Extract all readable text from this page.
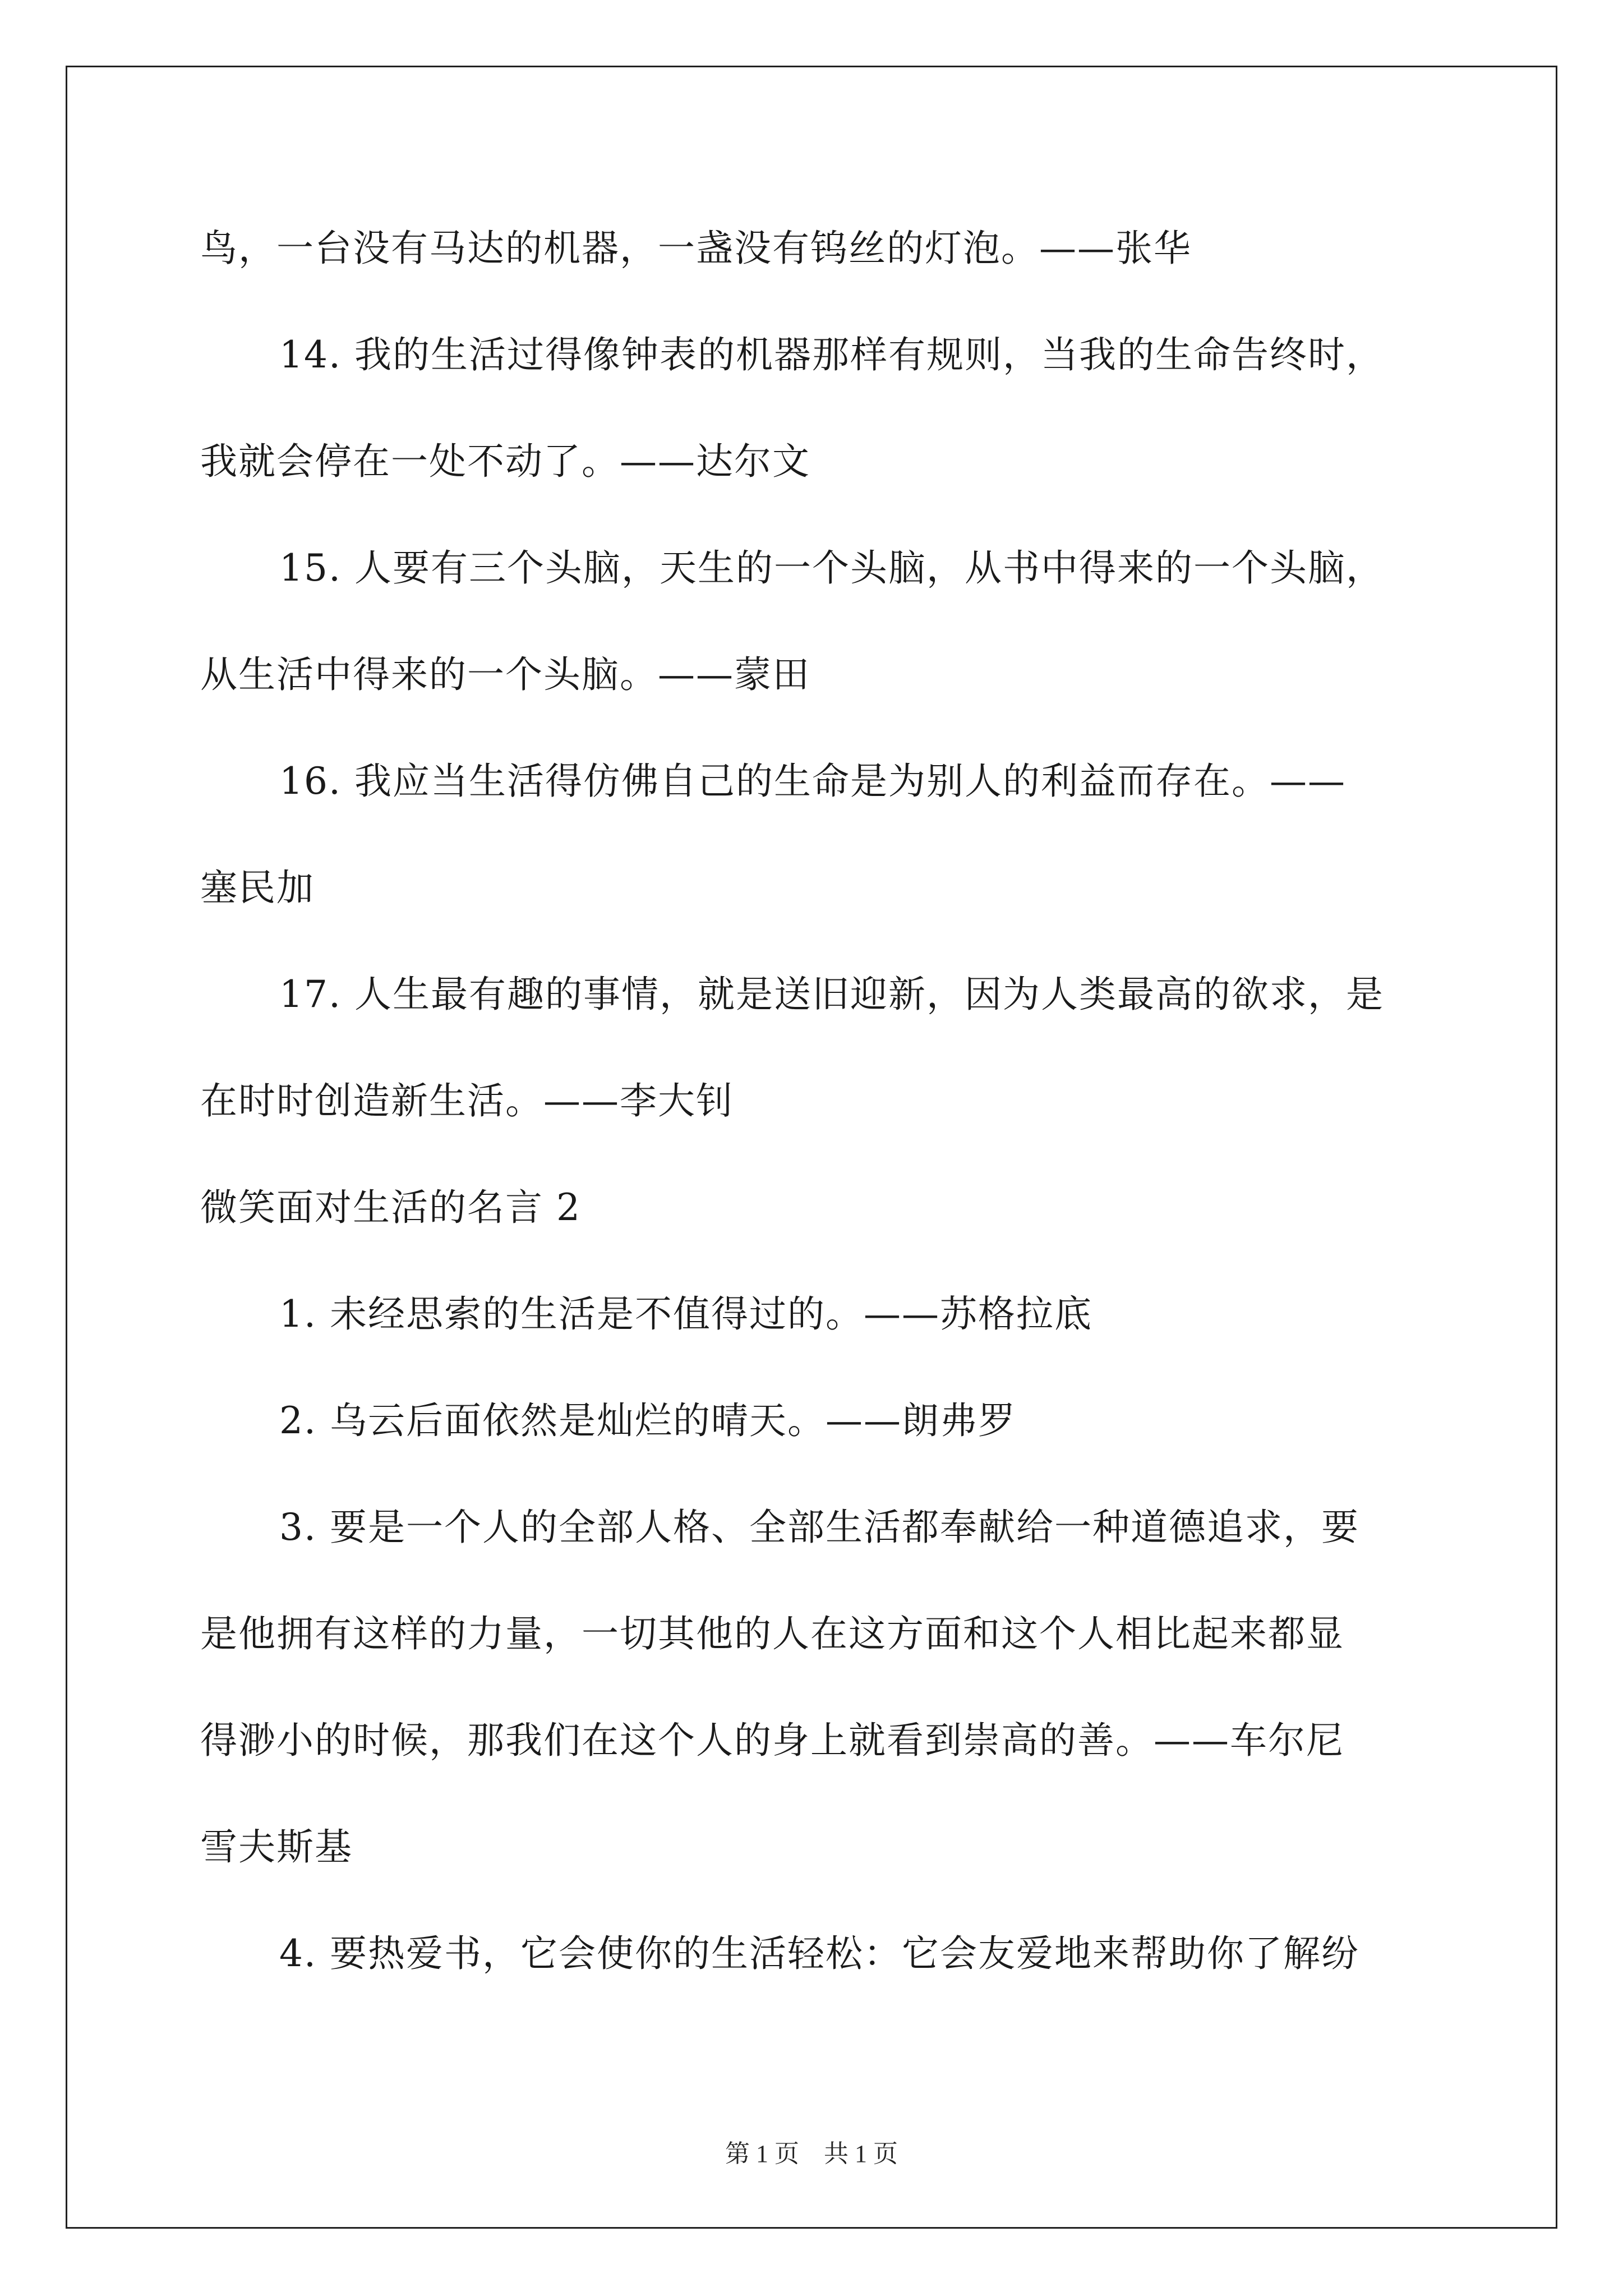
鸟，一台没有马达的机器，一盏没有钨丝的灯泡。——张华
14. 我的生活过得像钟表的机器那样有规则，当我的生命告终时，
我就会停在一处不动了。——达尔文
15. 人要有三个头脑，天生的一个头脑，从书中得来的一个头脑，
从生活中得来的一个头脑。——蒙田
16. 我应当生活得仿佛自己的生命是为别人的利益而存在。——
塞民加
17. 人生最有趣的事情，就是送旧迎新，因为人类最高的欲求，是
在时时创造新生活。——李大钊
微笑面对生活的名言 2
1. 未经思索的生活是不值得过的。——苏格拉底
2. 乌云后面依然是灿烂的晴天。——朗弗罗
3. 要是一个人的全部人格、全部生活都奉献给一种道德追求，要
是他拥有这样的力量，一切其他的人在这方面和这个人相比起来都显
得渺小的时候，那我们在这个人的身上就看到崇高的善。——车尔尼
雪夫斯基
4. 要热爱书，它会使你的生活轻松：它会友爱地来帮助你了解纷
第 1 页　共 1 页
